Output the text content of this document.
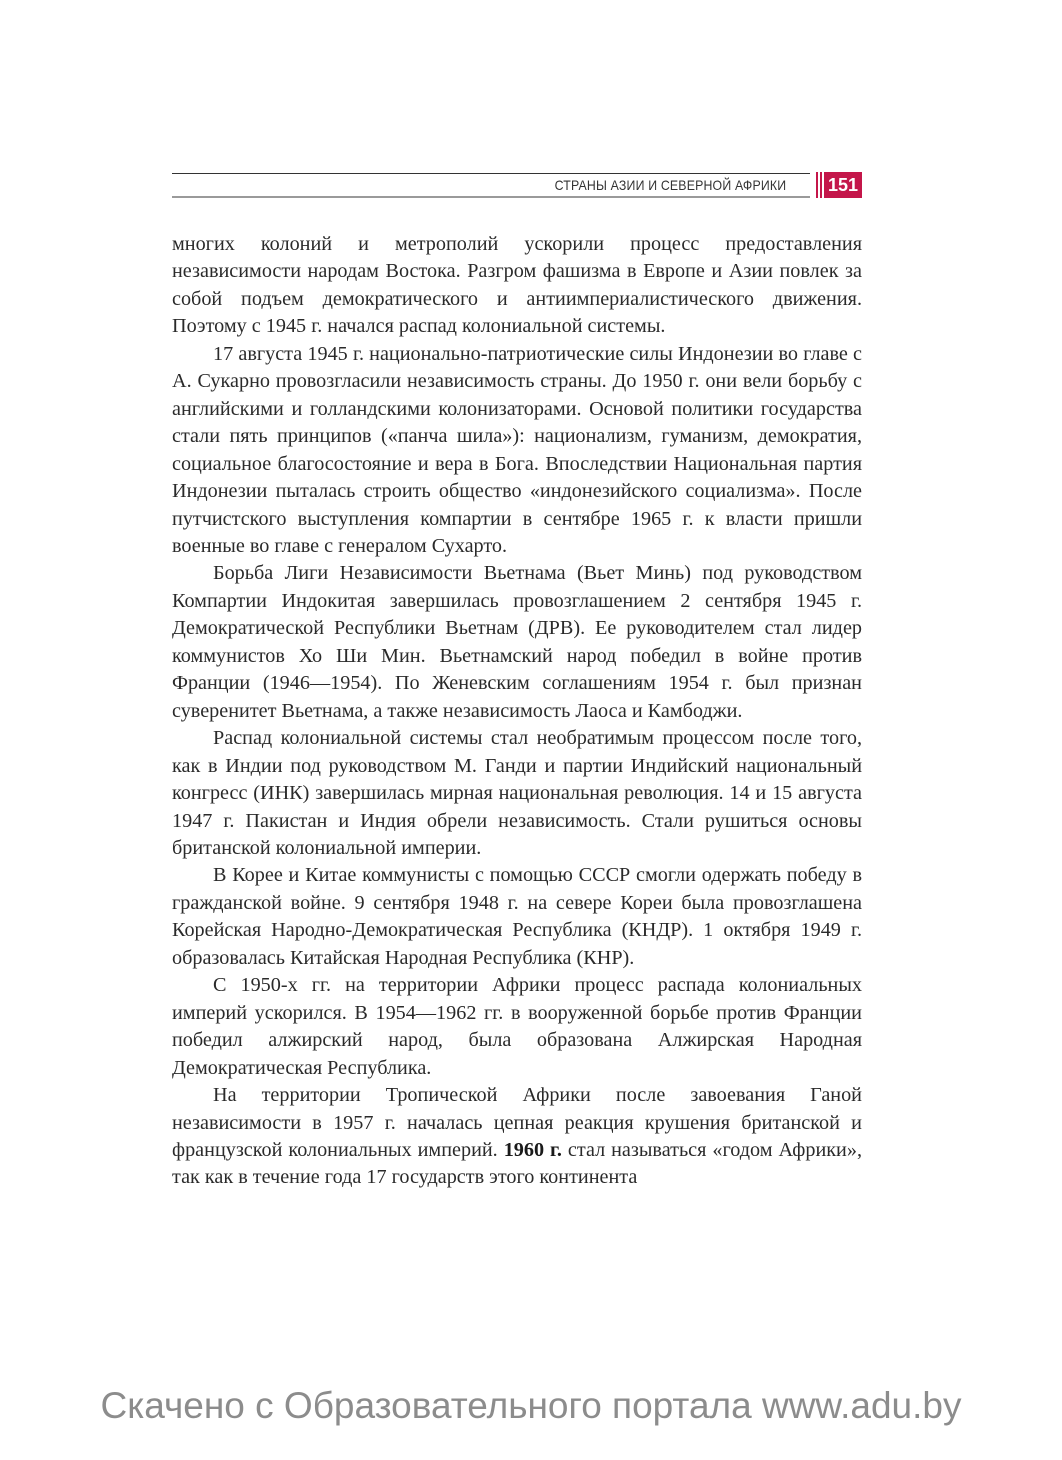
СТРАНЫ АЗИИ И СЕВЕРНОЙ АФРИКИ 151

многих колоний и метрополий ускорили процесс предоставления независимости народам Востока. Разгром фашизма в Европе и Азии повлек за собой подъем демократического и антиимпериалистического движения. Поэтому с 1945 г. начался распад колониальной системы.

17 августа 1945 г. национально-патриотические силы Индонезии во главе с А. Сукарно провозгласили независимость страны. До 1950 г. они вели борьбу с английскими и голландскими колонизаторами. Основой политики государства стали пять принципов («панча шила»): национализм, гуманизм, демократия, социальное благосостояние и вера в Бога. Впоследствии Национальная партия Индонезии пыталась строить общество «индонезийского социализма». После путчистского выступления компартии в сентябре 1965 г. к власти пришли военные во главе с генералом Сухарто.

Борьба Лиги Независимости Вьетнама (Вьет Минь) под руководством Компартии Индокитая завершилась провозглашением 2 сентября 1945 г. Демократической Республики Вьетнам (ДРВ). Ее руководителем стал лидер коммунистов Хо Ши Мин. Вьетнамский народ победил в войне против Франции (1946—1954). По Женевским соглашениям 1954 г. был признан суверенитет Вьетнама, а также независимость Лаоса и Камбоджи.

Распад колониальной системы стал необратимым процессом после того, как в Индии под руководством М. Ганди и партии Индийский национальный конгресс (ИНК) завершилась мирная национальная революция. 14 и 15 августа 1947 г. Пакистан и Индия обрели независимость. Стали рушиться основы британской колониальной империи.

В Корее и Китае коммунисты с помощью СССР смогли одержать победу в гражданской войне. 9 сентября 1948 г. на севере Кореи была провозглашена Корейская Народно-Демократическая Республика (КНДР). 1 октября 1949 г. образовалась Китайская Народная Республика (КНР).

С 1950-х гг. на территории Африки процесс распада колониальных империй ускорился. В 1954—1962 гг. в вооруженной борьбе против Франции победил алжирский народ, была образована Алжирская Народная Демократическая Республика.

На территории Тропической Африки после завоевания Ганой независимости в 1957 г. началась цепная реакция крушения британской и французской колониальных империй. 1960 г. стал называться «годом Африки», так как в течение года 17 государств этого континента

Скачено с Образовательного портала www.adu.by
